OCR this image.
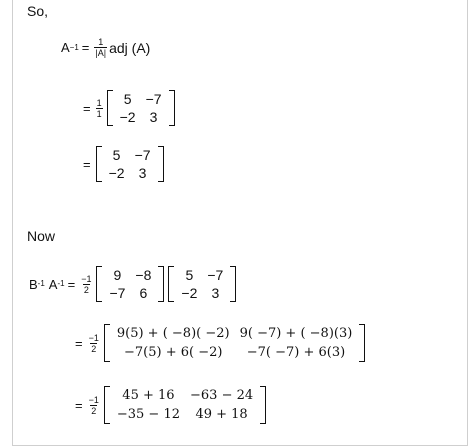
So,
$A -1 = \frac{1}{|A|}$ adj (A)
= $\frac{1}{1} 5$	−7
−2	3
=
5	−7
−2	3
Now
B -1 A $-1 = \frac{-1}{2} 9$	−8
−7	6
5	−7
−2	3
= $\frac{-1}{2} 9(5)$ + ( −8)( −2)	9( −7) + ( −8)(3)
−7(5) + 6( −2)	−7( −7) + 6(3)
= $\frac{-1}{2} 45 + 16$	−63 − 24
−35 − 12	49 + 18
